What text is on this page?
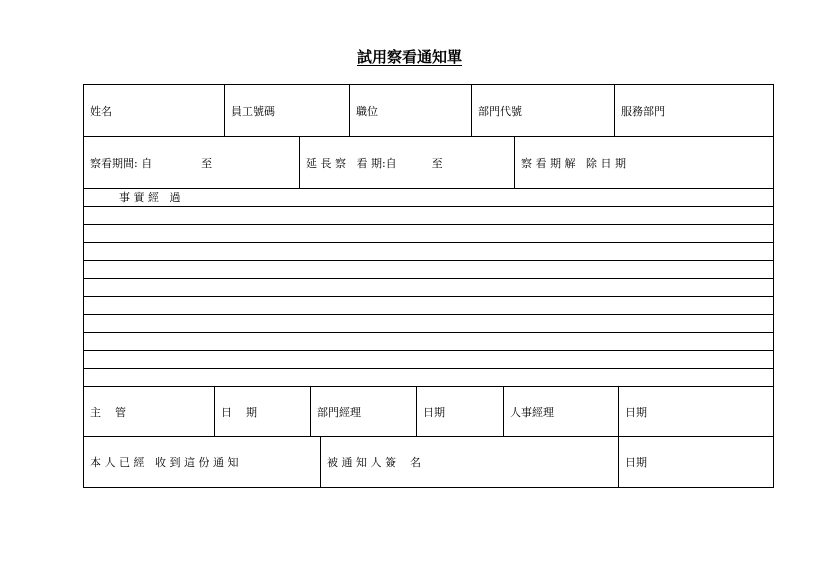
試用察看通知單
姓名	員工號碼	職位	部門代號	服務部門
察看期間: 自              至	延 長 察   看 期:自          至	察 看 期 解   除 日 期
事 實 經   過
主    管	日    期	部門經理	日期	人事經理	日期
本 人 已 經   收 到 這 份 通 知	被 通 知 人 簽    名	日期
